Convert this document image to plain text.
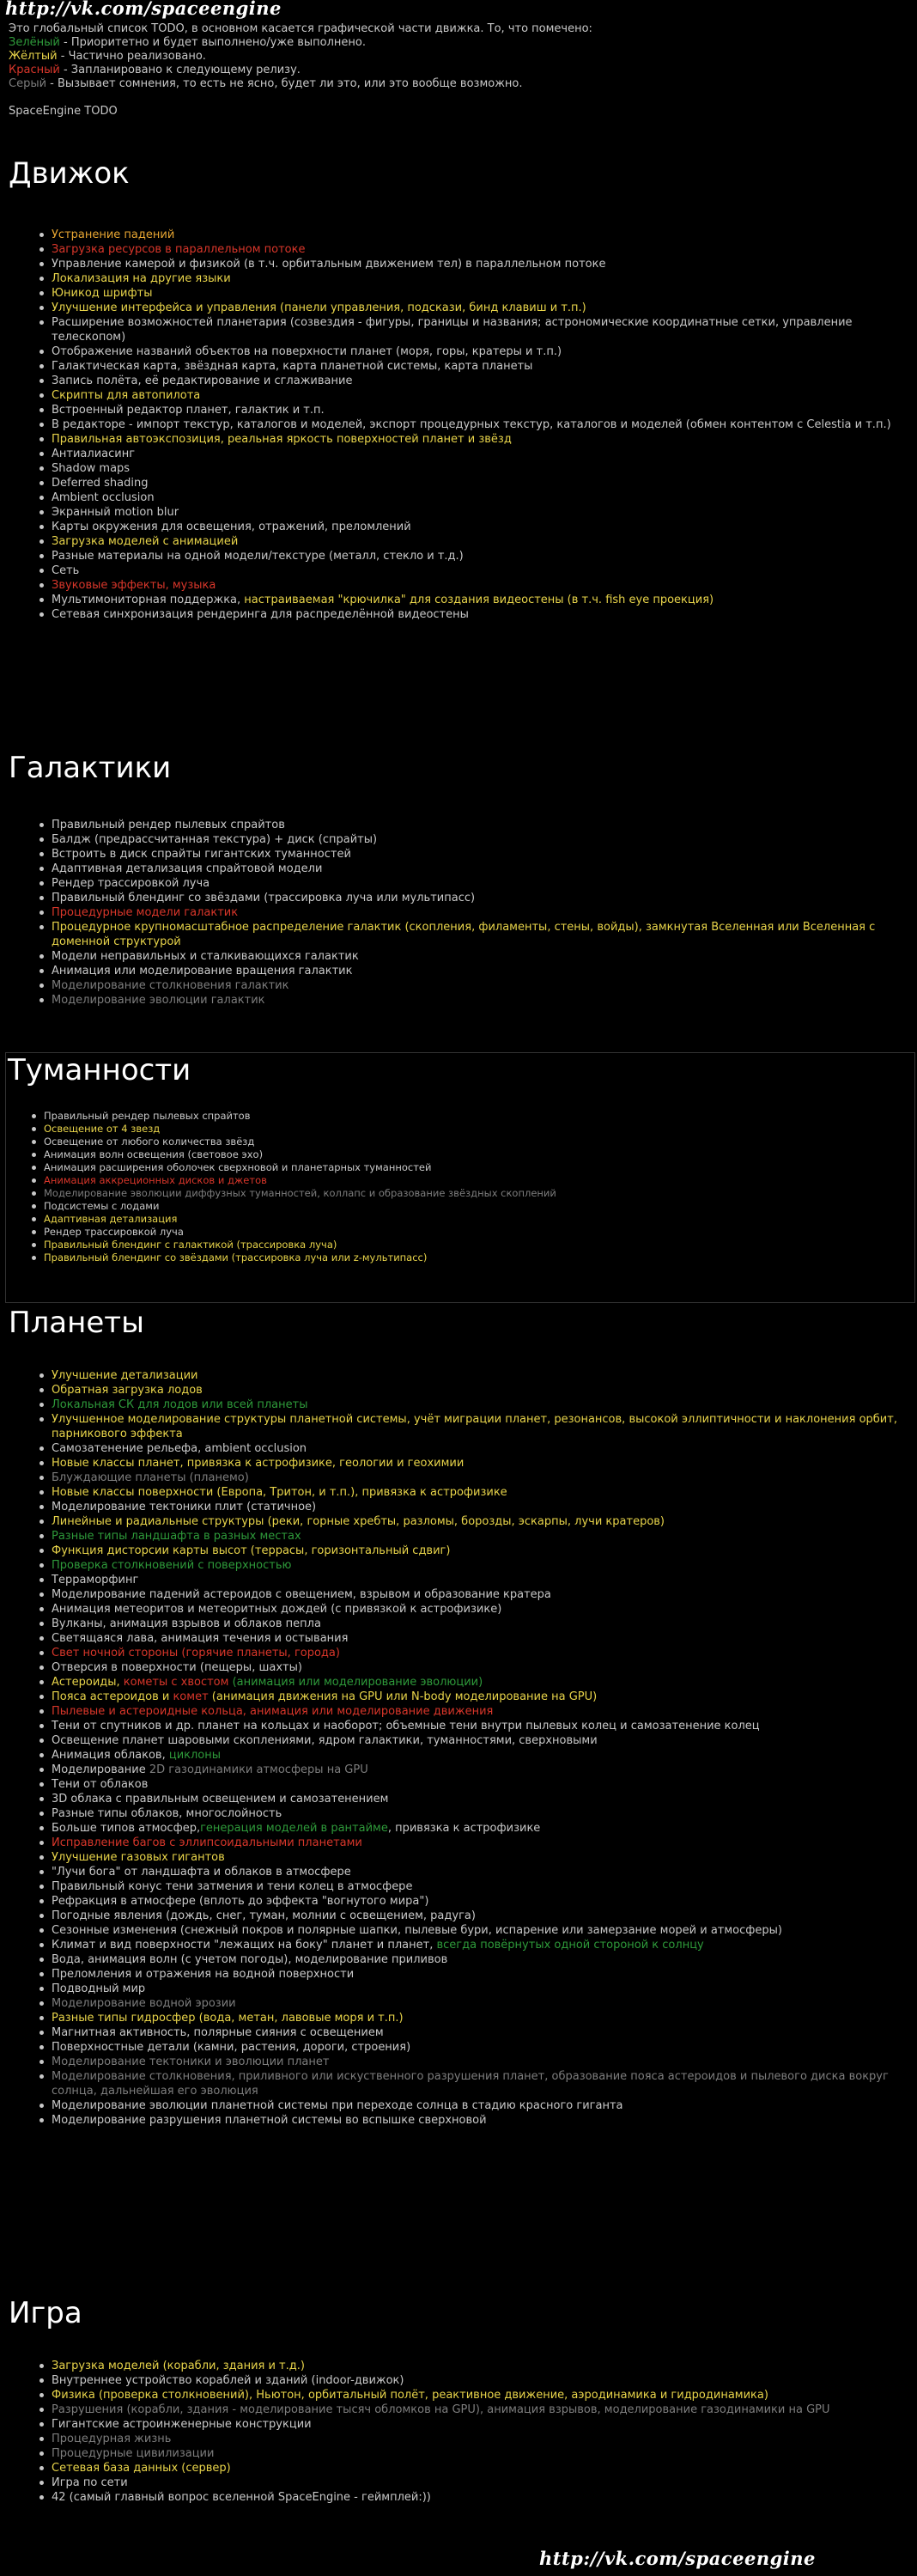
http://vk.com/spaceengine
Это глобальный список TODO, в основном касается графической части движка. То, что помечено:
Зелёный - Приоритетно и будет выполнено/уже выполнено.
Жёлтый - Частично реализовано.
Красный - Запланировано к следующему релизу.
Серый - Вызывает сомнения, то есть не ясно, будет ли это, или это вообще возможно.
SpaceEngine TODO
Движок
Устранение падений
Загрузка ресурсов в параллельном потоке
Управление камерой и физикой (в т.ч. орбитальным движением тел) в параллельном потоке
Локализация на другие языки
Юникод шрифты
Улучшение интерфейса и управления (панели управления, подскази, бинд клавиш и т.п.)
Расширение возможностей планетария (созвездия - фигуры, границы и названия; астрономические координатные сетки, управление телескопом)
Отображение названий объектов на поверхности планет (моря, горы, кратеры и т.п.)
Галактическая карта, звёздная карта, карта планетной системы, карта планеты
Запись полёта, её редактирование и сглаживание
Скрипты для автопилота
Встроенный редактор планет, галактик и т.п.
В редакторе - импорт текстур, каталогов и моделей, экспорт процедурных текстур, каталогов и моделей (обмен контентом с Celestia и т.п.)
Правильная автоэкспозиция, реальная яркость поверхностей планет и звёзд
Антиалиасинг
Shadow maps
Deferred shading
Ambient occlusion
Экранный motion blur
Карты окружения для освещения, отражений, преломлений
Загрузка моделей с анимацией
Разные материалы на одной модели/текстуре (металл, стекло и т.д.)
Сеть
Звуковые эффекты, музыка
Мультимониторная поддержка, настраиваемая "крючилка" для создания видеостены (в т.ч. fish eye проекция)
Сетевая синхронизация рендеринга для распределённой видеостены
Галактики
Правильный рендер пылевых спрайтов
Балдж (предрассчитанная текстура) + диск (спрайты)
Встроить в диск спрайты гигантских туманностей
Адаптивная детализация спрайтовой модели
Рендер трассировкой луча
Правильный блендинг со звёздами (трассировка луча или мультипасс)
Процедурные модели галактик
Процедурное крупномасштабное распределение галактик (скопления, филаменты, стены, войды), замкнутая Вселенная или Вселенная с доменной структурой
Модели неправильных и сталкивающихся галактик
Анимация или моделирование вращения галактик
Моделирование столкновения галактик
Моделирование эволюции галактик
Туманности
Правильный рендер пылевых спрайтов
Освещение от 4 звезд
Освещение от любого количества звёзд
Анимация волн освещения (световое эхо)
Анимация расширения оболочек сверхновой и планетарных туманностей
Анимация аккреционных дисков и джетов
Моделирование эволюции диффузных туманностей, коллапс и образование звёздных скоплений
Подсистемы с лодами
Адаптивная детализация
Рендер трассировкой луча
Правильный блендинг с галактикой (трассировка луча)
Правильный блендинг со звёздами (трассировка луча или z-мультипасс)
Планеты
Улучшение детализации
Обратная загрузка лодов
Локальная СК для лодов или всей планеты
Улучшенное моделирование структуры планетной системы, учёт миграции планет, резонансов, высокой эллиптичности и наклонения орбит, парникового эффекта
Самозатенение рельефа, ambient occlusion
Новые классы планет, привязка к астрофизике, геологии и геохимии
Блуждающие планеты (планемо)
Новые классы поверхности (Европа, Тритон, и т.п.), привязка к астрофизике
Моделирование тектоники плит (статичное)
Линейные и радиальные структуры (реки, горные хребты, разломы, борозды, эскарпы, лучи кратеров)
Разные типы ландшафта в разных местах
Функция дисторсии карты высот (террасы, горизонтальный сдвиг)
Проверка столкновений с поверхностью
Терраморфинг
Моделирование падений астероидов с овещением, взрывом и образование кратера
Анимация метеоритов и метеоритных дождей (с привязкой к астрофизике)
Вулканы, анимация взрывов и облаков пепла
Светящаяся лава, анимация течения и остывания
Свет ночной стороны (горячие планеты, города)
Отверсия в поверхности (пещеры, шахты)
Астероиды, кометы с хвостом (анимация или моделирование эволюции)
Пояса астероидов и комет (анимация движения на GPU или N-body моделирование на GPU)
Пылевые и астероидные кольца, анимация или моделирование движения
Тени от спутников и др. планет на кольцах и наоборот; объемные тени внутри пылевых колец и самозатенение колец
Освещение планет шаровыми скоплениями, ядром галактики, туманностями, сверхновыми
Анимация облаков, циклоны
Моделирование 2D газодинамики атмосферы на GPU
Тени от облаков
3D облака с правильным освещением и самозатенением
Разные типы облаков, многослойность
Больше типов атмосфер,генерация моделей в рантайме, привязка к астрофизике
Исправление багов с эллипсоидальными планетами
Улучшение газовых гигантов
"Лучи бога" от ландшафта и облаков в атмосфере
Правильный конус тени затмения и тени колец в атмосфере
Рефракция в атмосфере (вплоть до эффекта "вогнутого мира")
Погодные явления (дождь, снег, туман, молнии с освещением, радуга)
Сезонные изменения (снежный покров и полярные шапки, пылевые бури, испарение или замерзание морей и атмосферы)
Климат и вид поверхности "лежащих на боку" планет и планет, всегда повёрнутых одной стороной к солнцу
Вода, анимация волн (с учетом погоды), моделирование приливов
Преломления и отражения на водной поверхности
Подводный мир
Моделирование водной эрозии
Разные типы гидросфер (вода, метан, лавовые моря и т.п.)
Магнитная активность, полярные сияния с освещением
Поверхностные детали (камни, растения, дороги, строения)
Моделирование тектоники и эволюции планет
Моделирование столкновения, приливного или искуственного разрушения планет, образование пояса астероидов и пылевого диска вокруг солнца, дальнейшая его эволюция
Моделирование эволюции планетной системы при переходе солнца в стадию красного гиганта
Моделирование разрушения планетной системы во вспышке сверхновой
Игра
Загрузка моделей (корабли, здания и т.д.)
Внутреннее устройство кораблей и зданий (indoor-движок)
Физика (проверка столкновений), Ньютон, орбитальный полёт, реактивное движение, аэродинамика и гидродинамика)
Разрушения (корабли, здания - моделирование тысяч обломков на GPU), анимация взрывов, моделирование газодинамики на GPU
Гигантские астроинженерные конструкции
Процедурная жизнь
Процедурные цивилизации
Сетевая база данных (сервер)
Игра по сети
42 (самый главный вопрос вселенной SpaceEngine - геймплей:))
http://vk.com/spaceengine
